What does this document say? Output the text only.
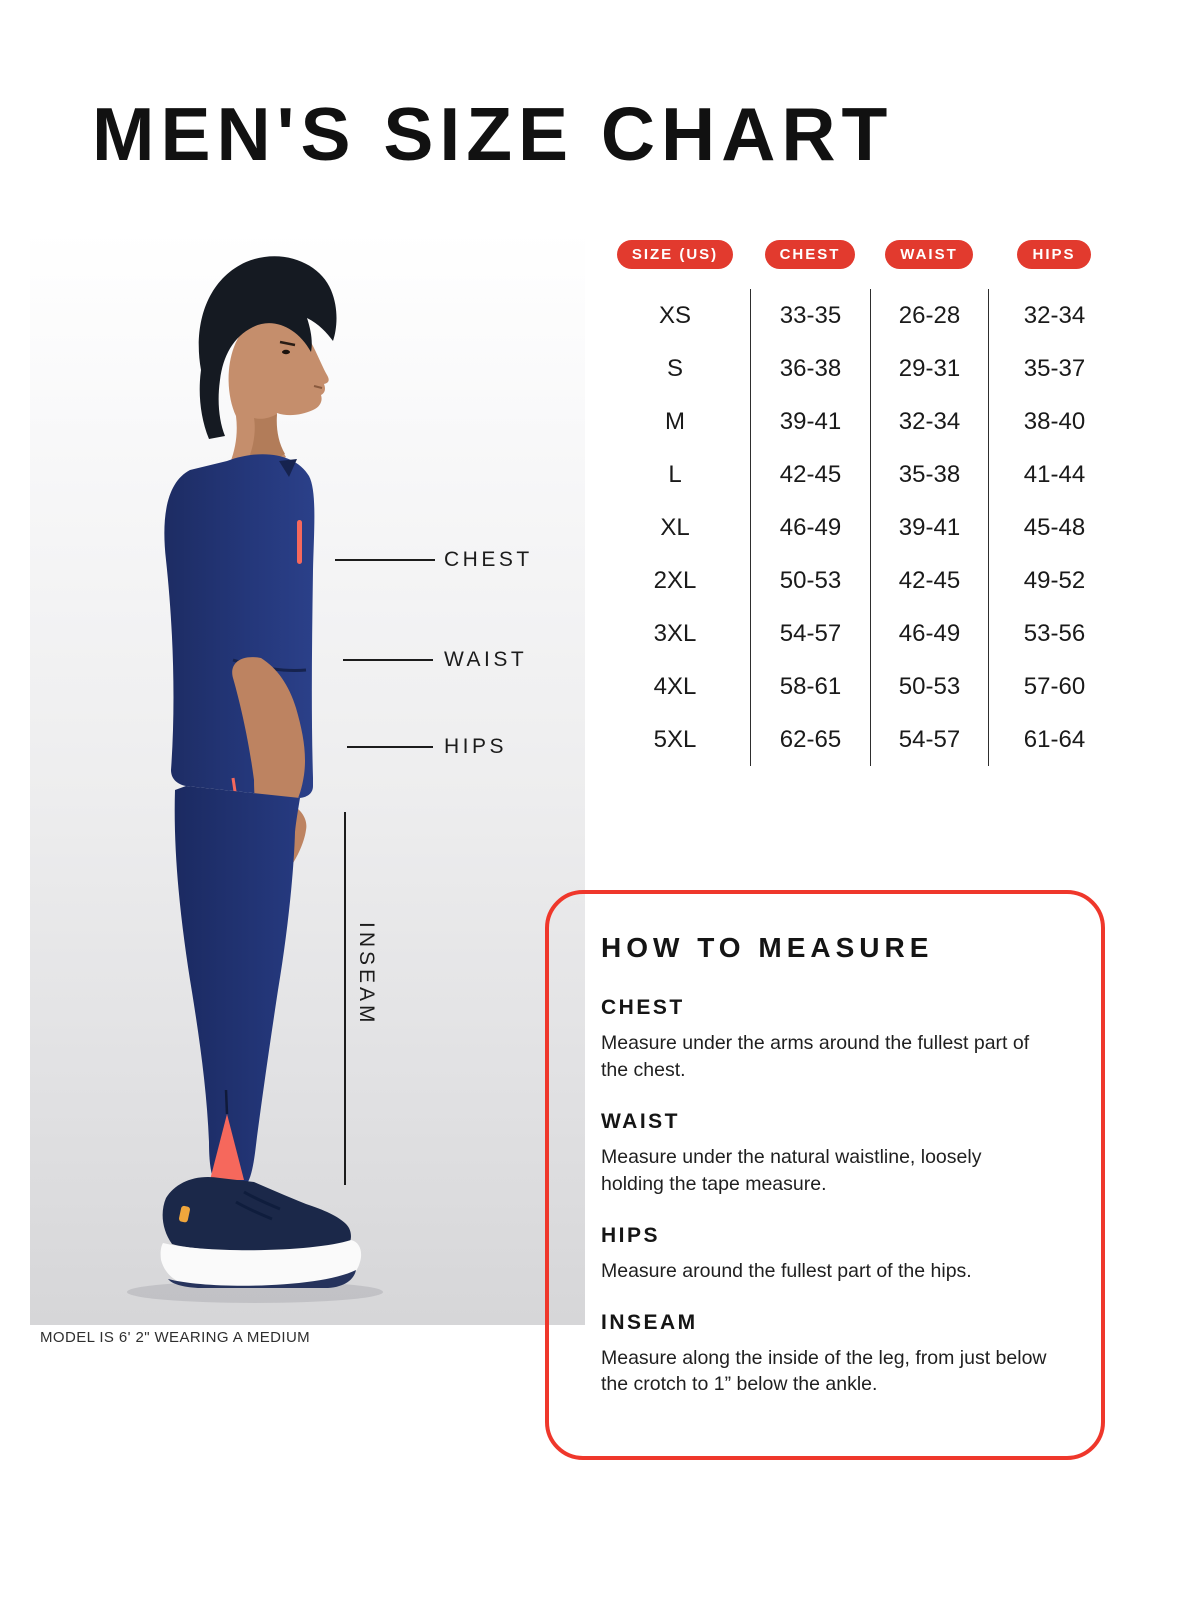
MEN'S SIZE CHART
CHEST
WAIST
HIPS
INSEAM
MODEL IS 6' 2" WEARING A MEDIUM
SIZE (US)	CHEST	WAIST	HIPS
XS	33-35	26-28	32-34
S	36-38	29-31	35-37
M	39-41	32-34	38-40
L	42-45	35-38	41-44
XL	46-49	39-41	45-48
2XL	50-53	42-45	49-52
3XL	54-57	46-49	53-56
4XL	58-61	50-53	57-60
5XL	62-65	54-57	61-64
HOW TO MEASURE
CHEST

Measure under the arms around the fullest part of the chest.

WAIST

Measure under the natural waistline, loosely holding the tape measure.

HIPS

Measure around the fullest part of the hips.

INSEAM

Measure along the inside of the leg, from just below the crotch to 1” below the ankle.
